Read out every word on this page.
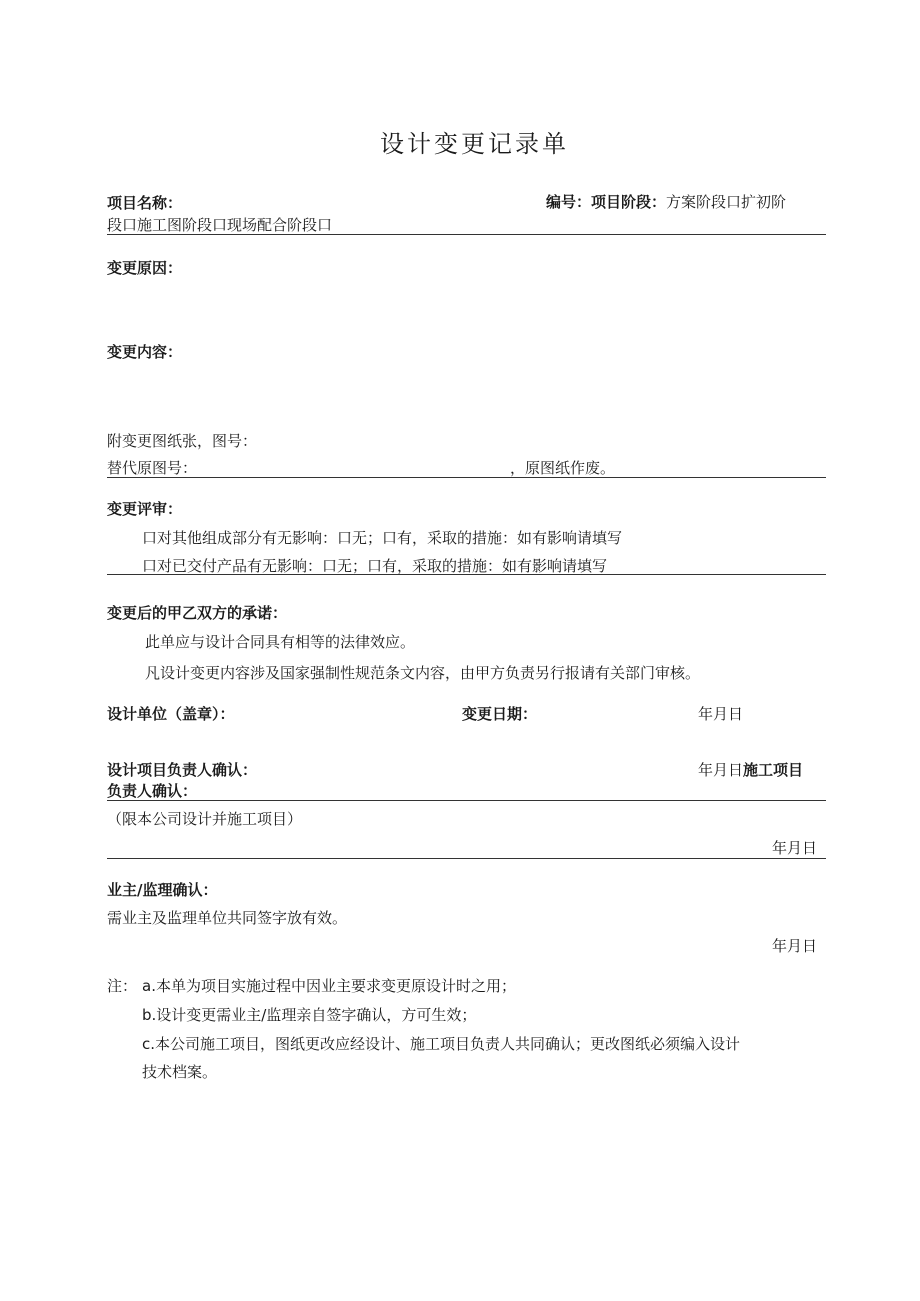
设计变更记录单
项目名称：	编号：项目阶段：方案阶段口扩初阶
段口施工图阶段口现场配合阶段口
变更原因：
变更内容：
附变更图纸张，图号：
替代原图号：	，原图纸作废。
变更评审：
口对其他组成部分有无影响：口无；口有，采取的措施：如有影响请填写
口对已交付产品有无影响：口无；口有，采取的措施：如有影响请填写
变更后的甲乙双方的承诺：
此单应与设计合同具有相等的法律效应。
凡设计变更内容涉及国家强制性规范条文内容，由甲方负责另行报请有关部门审核。
设计单位（盖章）：	变更日期：	年月日
设计项目负责人确认：	年月日施工项目
负责人确认：
（限本公司设计并施工项目）
年月日
业主/监理确认：
需业主及监理单位共同签字放有效。
年月日
注： a.本单为项目实施过程中因业主要求变更原设计时之用；
b.设计变更需业主/监理亲自签字确认，方可生效；
c.本公司施工项目，图纸更改应经设计、施工项目负责人共同确认；更改图纸必须编入设计
技术档案。
